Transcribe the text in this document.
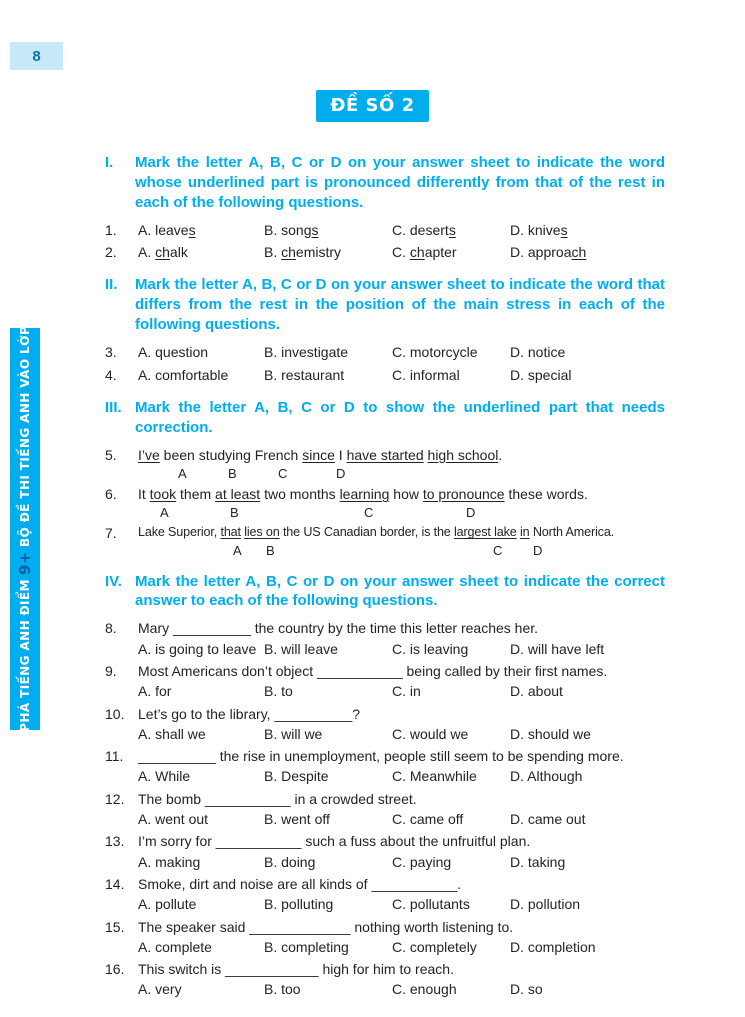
8
ĐỀ SỐ 2
ĐỘT PHÁ TIẾNG ANH ĐIỂM
9+
BỘ ĐỀ THI TIẾNG ANH VÀO LỚP
10
I.	Mark the letter A, B, C or D on your answer sheet to indicate the word whose underlined part is pronounced differently from that of the rest in each of the following questions.
1.	A. leaves	B. songs	C. deserts	D. knives
2.	A. chalk	B. chemistry	C. chapter	D. approach
II.	Mark the letter A, B, C or D on your answer sheet to indicate the word that differs from the rest in the position of the main stress in each of the following questions.
3.	A. question	B. investigate	C. motorcycle	D. notice
4.	A. comfortable	B. restaurant	C. informal	D. special
III. Mark the letter A, B, C or D to show the underlined part that needs correction.
5.	I’ve been studying French since I have started high school.
A	B	C	D
6.	It took them at least two months learning how to pronounce these words.
A	B	C	D
7.	Lake Superior, that lies on the US Canadian border, is the largest lake in North America.
A B	C D
IV. Mark the letter A, B, C or D on your answer sheet to indicate the correct answer to each of the following questions.
8.	Mary __________ the country by the time this letter reaches her.
A. is going to leave B. will leave	C. is leaving	D. will have left
9.	Most Americans don’t object ___________ being called by their first names.
A. for	B. to	C. in	D. about
10. Let’s go to the library, __________?
A. shall we	B. will we	C. would we	D. should we
11.	__________ the rise in unemployment, people still seem to be spending more.
A. While	B. Despite	C. Meanwhile	D. Although
12. The bomb ___________ in a crowded street.
A. went out	B. went off	C. came off	D. came out
13. I’m sorry for ___________ such a fuss about the unfruitful plan.
A. making	B. doing	C. paying	D. taking
14. Smoke, dirt and noise are all kinds of ___________.
A. pollute	B. polluting	C. pollutants	D. pollution
15. The speaker said _____________ nothing worth listening to.
A. complete	B. completing	C. completely	D. completion
16. This switch is ____________ high for him to reach.
A. very	B. too	C. enough	D. so
